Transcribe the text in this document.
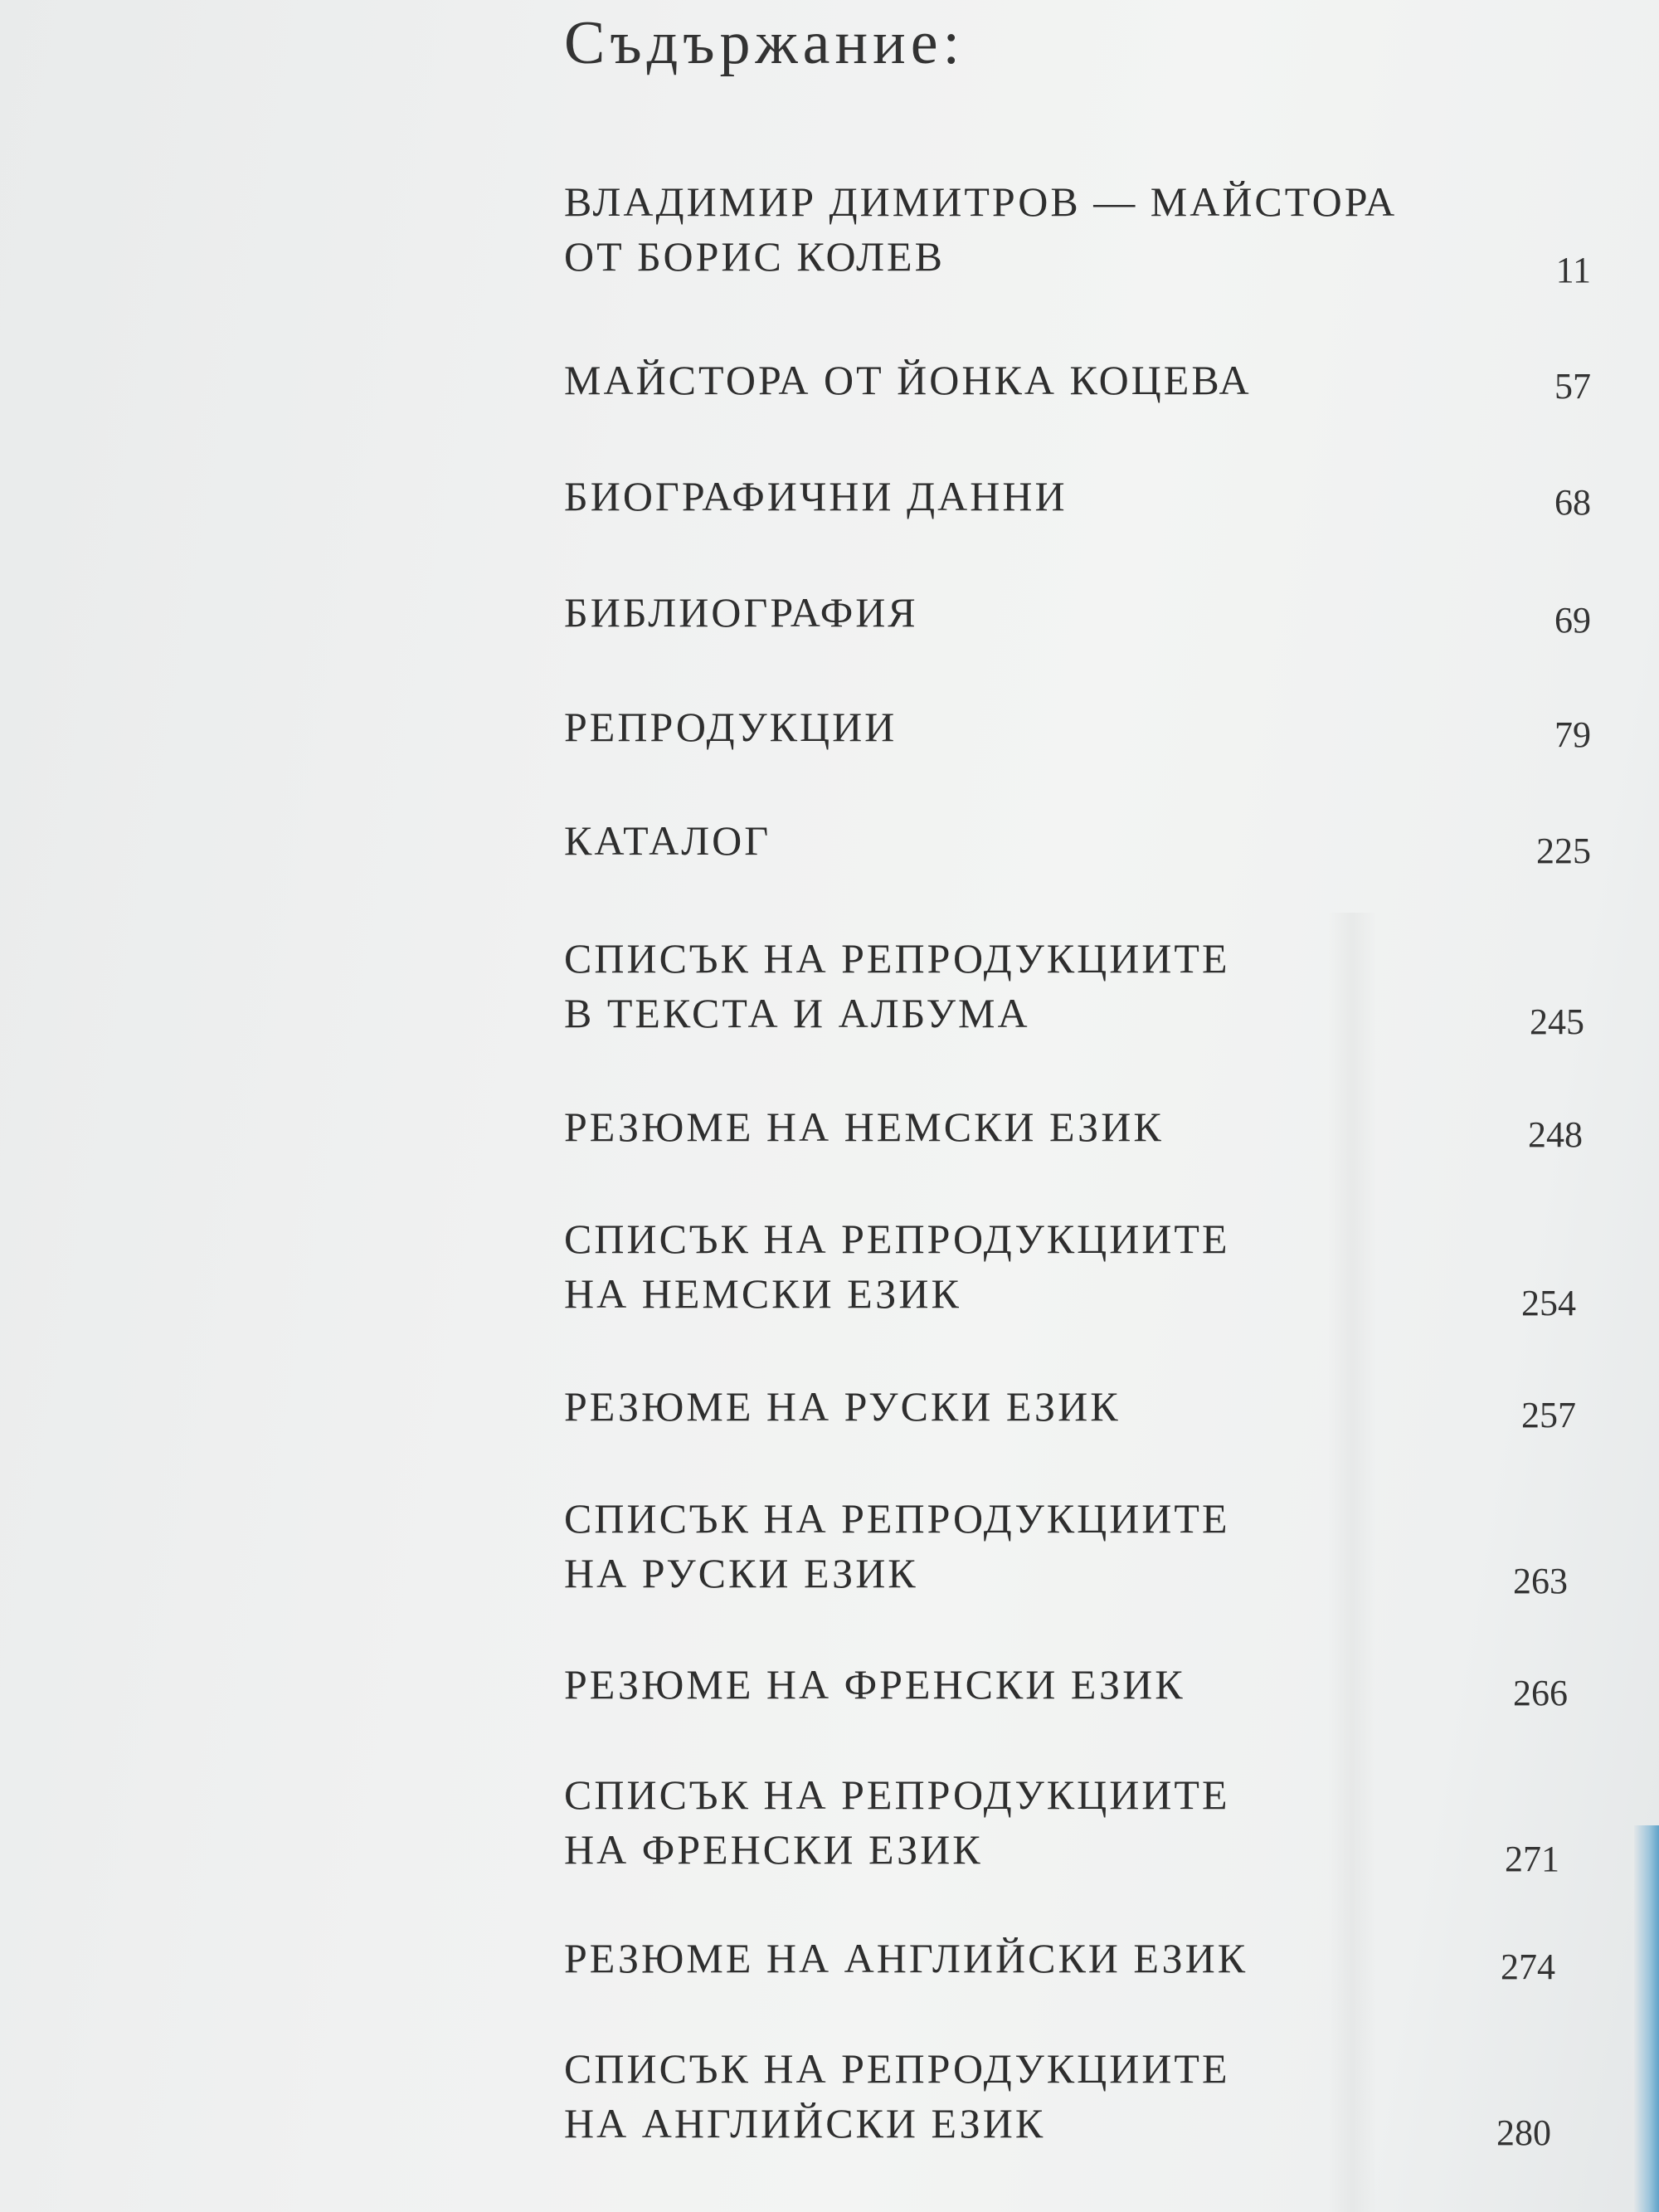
Съдържание:
ВЛАДИМИР ДИМИТРОВ — МАЙСТОРА
ОТ БОРИС КОЛЕВ	11
МАЙСТОРА ОТ ЙОНКА КОЦЕВА	57
БИОГРАФИЧНИ ДАННИ	68
БИБЛИОГРАФИЯ	69
РЕПРОДУКЦИИ	79
КАТАЛОГ	225
СПИСЪК НА РЕПРОДУКЦИИТЕ
В ТЕКСТА И АЛБУМА	245
РЕЗЮМЕ НА НЕМСКИ ЕЗИК	248
СПИСЪК НА РЕПРОДУКЦИИТЕ
НА НЕМСКИ ЕЗИК	254
РЕЗЮМЕ НА РУСКИ ЕЗИК	257
СПИСЪК НА РЕПРОДУКЦИИТЕ
НА РУСКИ ЕЗИК	263
РЕЗЮМЕ НА ФРЕНСКИ ЕЗИК	266
СПИСЪК НА РЕПРОДУКЦИИТЕ
НА ФРЕНСКИ ЕЗИК	271
РЕЗЮМЕ НА АНГЛИЙСКИ ЕЗИК	274
СПИСЪК НА РЕПРОДУКЦИИТЕ
НА АНГЛИЙСКИ ЕЗИК	280
